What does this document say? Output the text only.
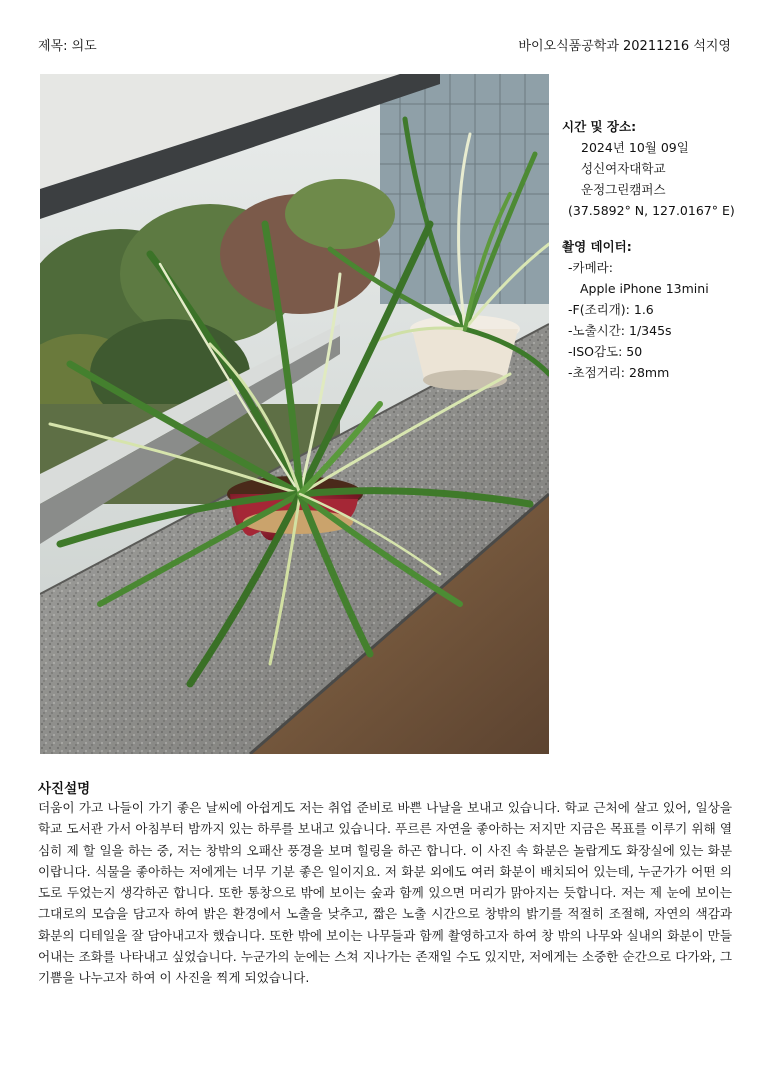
제목: 의도	바이오식품공학과 20211216 석지영

시간 및 장소:

2024년 10월 09일

성신여자대학교

운정그린캠퍼스

(37.5892° N, 127.0167° E)

촬영 데이터:

-카메라:

Apple iPhone 13mini

-F(조리개): 1.6

-노출시간: 1/345s

-ISO감도: 50

-초점거리: 28mm

사진설명

더움이 가고 나들이 가기 좋은 날씨에 아쉽게도 저는 취업 준비로 바쁜 나날을 보내고 있습니다. 학교 근처에 살고 있어, 일상을 학교 도서관 가서 아침부터 밤까지 있는 하루를 보내고 있습니다. 푸르른 자연을 좋아하는 저지만 지금은 목표를 이루기 위해 열심히 제 할 일을 하는 중, 저는 창밖의 오패산 풍경을 보며 힐링을 하곤 합니다. 이 사진 속 화분은 놀랍게도 화장실에 있는 화분이랍니다. 식물을 좋아하는 저에게는 너무 기분 좋은 일이지요. 저 화분 외에도 여러 화분이 배치되어 있는데, 누군가가 어떤 의도로 두었는지 생각하곤 합니다. 또한 통창으로 밖에 보이는 숲과 함께 있으면 머리가 맑아지는 듯합니다. 저는 제 눈에 보이는 그대로의 모습을 담고자 하여 밝은 환경에서 노출을 낮추고, 짧은 노출 시간으로 창밖의 밝기를 적절히 조절해, 자연의 색감과 화분의 디테일을 잘 담아내고자 했습니다. 또한 밖에 보이는 나무들과 함께 촬영하고자 하여 창 밖의 나무와 실내의 화분이 만들어내는 조화를 나타내고 싶었습니다. 누군가의 눈에는 스쳐 지나가는 존재일 수도 있지만, 저에게는 소중한 순간으로 다가와, 그 기쁨을 나누고자 하여 이 사진을 찍게 되었습니다.
